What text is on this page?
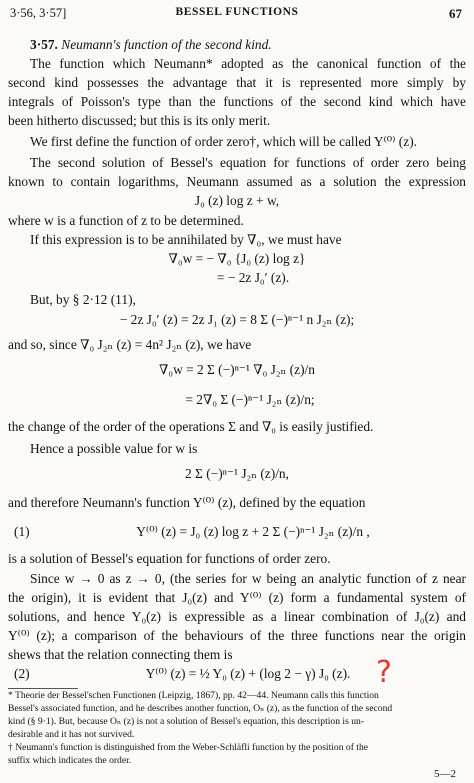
3·56, 3·57]	BESSEL FUNCTIONS	67
3·57. Neumann's function of the second kind.
The function which Neumann* adopted as the canonical function of the
second kind possesses the advantage that it is represented more simply by
integrals of Poisson's type than the functions of the second kind which have
been hitherto discussed; but this is its only merit.
We first define the function of order zero†, which will be called Y⁽⁰⁾ (z).
The second solution of Bessel's equation for functions of order zero being
known to contain logarithms, Neumann assumed as a solution the expression
J₀ (z) log z + w,
where w is a function of z to be determined.
If this expression is to be annihilated by ∇₀, we must have
∇₀w = − ∇₀ {J₀ (z) log z}
= − 2z J₀′ (z).
But, by § 2·12 (11),
− 2z J₀′ (z) = 2z J₁ (z) = 8 Σ (−)ⁿ⁻¹ n J₂ₙ (z);
and so, since ∇₀ J₂ₙ (z) = 4n² J₂ₙ (z), we have
∇₀w = 2 Σ (−)ⁿ⁻¹ ∇₀ J₂ₙ (z)/n
= 2∇₀ Σ (−)ⁿ⁻¹ J₂ₙ (z)/n;
the change of the order of the operations Σ and ∇₀ is easily justified.
Hence a possible value for w is
2 Σ (−)ⁿ⁻¹ J₂ₙ (z)/n,
and therefore Neumann's function Y⁽⁰⁾ (z), defined by the equation
(1)	Y⁽⁰⁾ (z) = J₀ (z) log z + 2 Σ (−)ⁿ⁻¹ J₂ₙ (z)/n ,
is a solution of Bessel's equation for functions of order zero.
Since w → 0 as z → 0, (the series for w being an analytic function of z near
the origin), it is evident that J₀(z) and Y⁽⁰⁾ (z) form a fundamental system of
solutions, and hence Y₀(z) is expressible as a linear combination of J₀(z) and
Y⁽⁰⁾ (z); a comparison of the behaviours of the three functions near the origin
shews that the relation connecting them is
(2)	Y⁽⁰⁾ (z) = ½ Y₀ (z) + (log 2 − γ) J₀ (z). ?
* Theorie der Bessel'schen Functionen (Leipzig, 1867), pp. 42—44. Neumann calls this function
Bessel's associated function, and he describes another function, Oₙ (z), as the function of the second
kind (§ 9·1). But, because Oₙ (z) is not a solution of Bessel's equation, this description is un-
desirable and it has not survived.
† Neumann's function is distinguished from the Weber-Schläfli function by the position of the
suffix which indicates the order.
5—2
